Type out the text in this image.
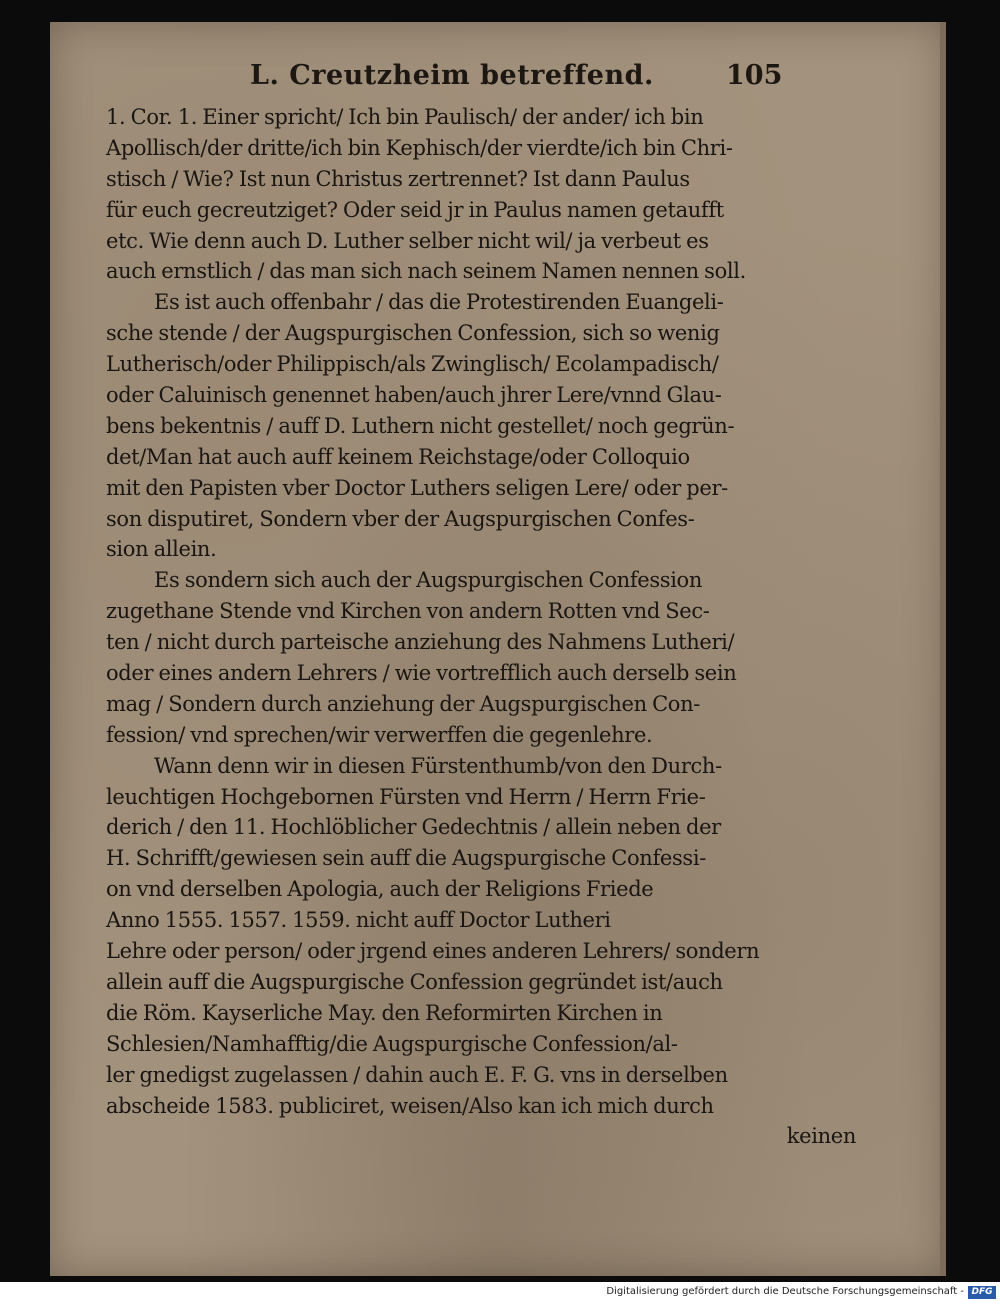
L. Creutzheim betreffend.	105
1. Cor. 1. Einer spricht/ Ich bin Paulisch/ der ander/ ich bin
Apollisch/der dritte/ich bin Kephisch/der vierdte/ich bin Chri-
stisch / Wie? Ist nun Christus zertrennet? Ist dann Paulus
für euch gecreutziget? Oder seid jr in Paulus namen getaufft
etc. Wie denn auch D. Luther selber nicht wil/ ja verbeut es
auch ernstlich / das man sich nach seinem Namen nennen soll.
Es ist auch offenbahr / das die Protestirenden Euangeli-
sche stende / der Augspurgischen Confession, sich so wenig
Lutherisch/oder Philippisch/als Zwinglisch/ Ecolampadisch/
oder Caluinisch genennet haben/auch jhrer Lere/vnnd Glau-
bens bekentnis / auff D. Luthern nicht gestellet/ noch gegrün-
det/Man hat auch auff keinem Reichstage/oder Colloquio
mit den Papisten vber Doctor Luthers seligen Lere/ oder per-
son disputiret, Sondern vber der Augspurgischen Confes-
sion allein.
Es sondern sich auch der Augspurgischen Confession
zugethane Stende vnd Kirchen von andern Rotten vnd Sec-
ten / nicht durch parteische anziehung des Nahmens Lutheri/
oder eines andern Lehrers / wie vortrefflich auch derselb sein
mag / Sondern durch anziehung der Augspurgischen Con-
fession/ vnd sprechen/wir verwerffen die gegenlehre.
Wann denn wir in diesen Fürstenthumb/von den Durch-
leuchtigen Hochgebornen Fürsten vnd Herrn / Herrn Frie-
derich / den 11. Hochlöblicher Gedechtnis / allein neben der
H. Schrifft/gewiesen sein auff die Augspurgische Confessi-
on vnd derselben Apologia, auch der Religions Friede
Anno 1555. 1557. 1559. nicht auff Doctor Lutheri
Lehre oder person/ oder jrgend eines anderen Lehrers/ sondern
allein auff die Augspurgische Confession gegründet ist/auch
die Röm. Kayserliche May. den Reformirten Kirchen in
Schlesien/Namhafftig/die Augspurgische Confession/al-
ler gnedigst zugelassen / dahin auch E. F. G. vns in derselben
abscheide 1583. publiciret, weisen/Also kan ich mich durch
keinen
Digitalisierung gefördert durch die Deutsche Forschungsgemeinschaft - DFG
